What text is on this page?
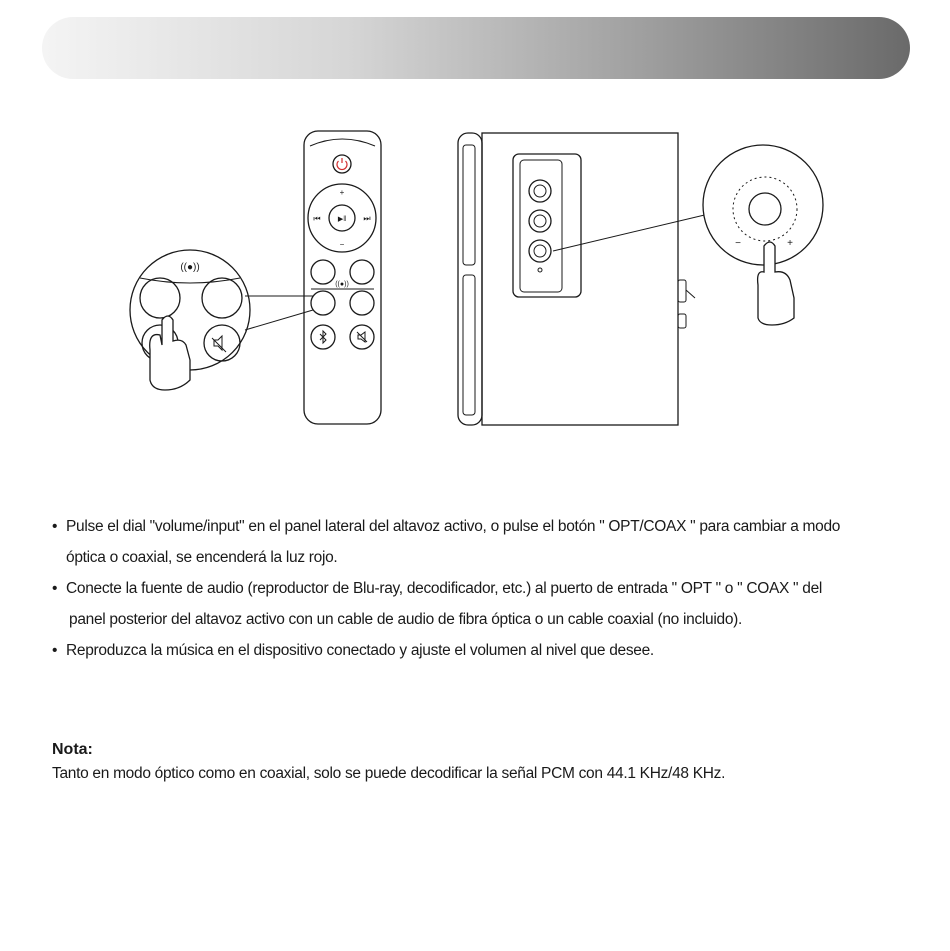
+
−
⏮	⏭
▶‖
((●))
((●))
−	+
• Pulse el dial "volume/input" en el panel lateral del altavoz activo, o pulse el botón " OPT/COAX " para cambiar a modo
óptica o coaxial, se encenderá la luz rojo.
• Conecte la fuente de audio (reproductor de Blu-ray, decodificador, etc.) al puerto de entrada " OPT " o " COAX " del
panel posterior del altavoz activo con un cable de audio de fibra óptica o un cable coaxial (no incluido).
• Reproduzca la música en el dispositivo conectado y ajuste el volumen al nivel que desee.
Nota:
Tanto en modo óptico como en coaxial, solo se puede decodificar la señal PCM con 44.1 KHz/48 KHz.
